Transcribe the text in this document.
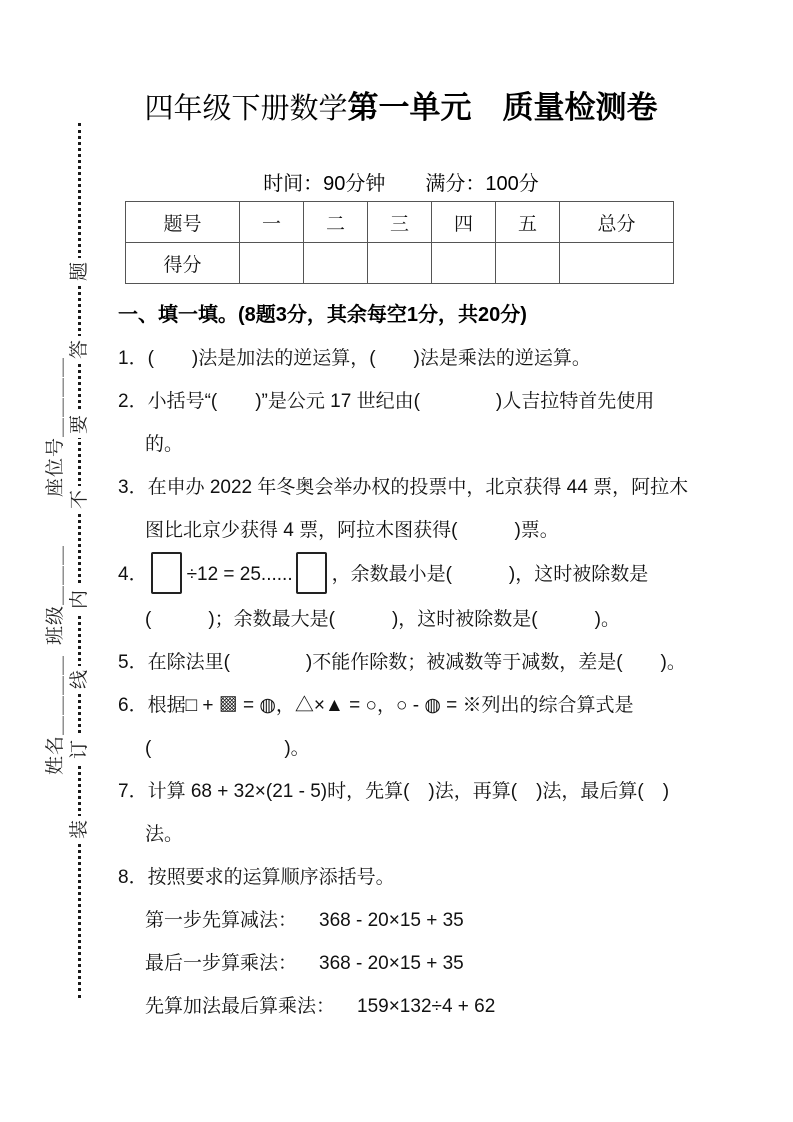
题
答
要
不
内
线
订
装
座位号＿＿＿＿
班级＿＿＿
姓名＿＿＿＿
四年级下册数学第一单元　质量检测卷
时间：90分钟　　满分：100分
题号	一	二	三	四	五	总分
得分						
一、填一填。(8题3分，其余每空1分，共20分)
1．(　　)法是加法的逆运算，(　　)法是乘法的逆运算。
2．小括号“(　　)”是公元 17 世纪由(　　　　)人吉拉特首先使用
的。
3．在申办 2022 年冬奥会举办权的投票中，北京获得 44 票，阿拉木
图比北京少获得 4 票，阿拉木图获得(　　　)票。
4． ÷12 = 25...... ，余数最小是(　　　)，这时被除数是
(　　　)；余数最大是(　　　)，这时被除数是(　　　)。
5．在除法里(　　　　)不能作除数；被减数等于减数，差是(　　)。
6．根据□ + ▩ = ◍，△×▲ = ○，○ - ◍ = ※列出的综合算式是
(　　　　　　　)。
7．计算 68 + 32×(21 - 5)时，先算(　)法，再算(　)法，最后算(　)
法。
8．按照要求的运算顺序添括号。
第一步先算减法： 368 - 20×15 + 35
最后一步算乘法： 368 - 20×15 + 35
先算加法最后算乘法： 159×132÷4 + 62
